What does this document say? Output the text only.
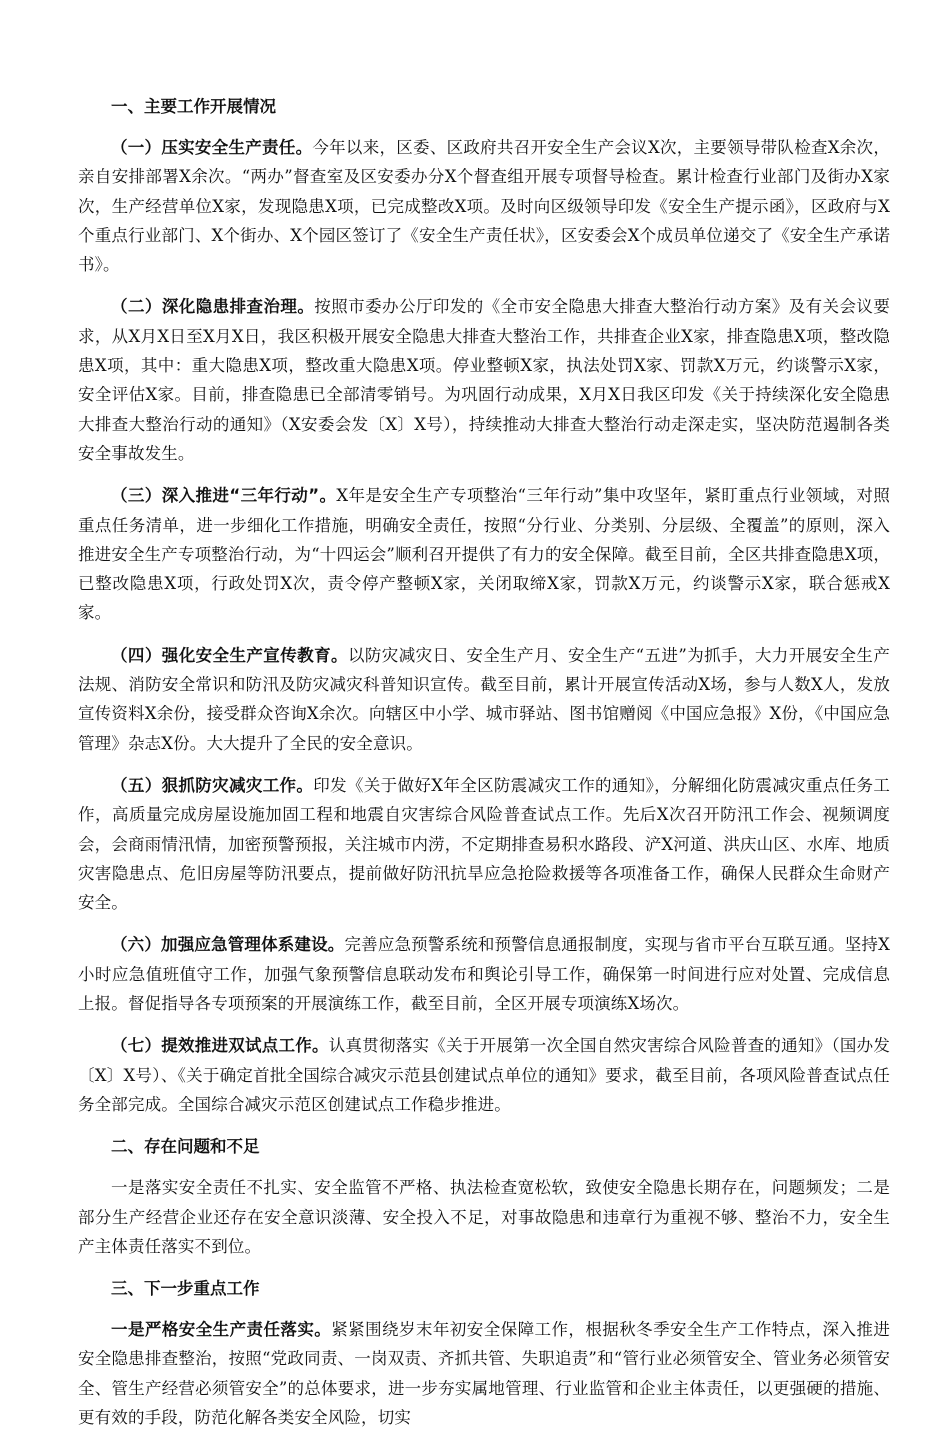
一、主要工作开展情况

（一）压实安全生产责任。今年以来，区委、区政府共召开安全生产会议X次，主要领导带队检查X余次，亲自安排部署X余次。“两办”督查室及区安委办分X个督查组开展专项督导检查。累计检查行业部门及街办X家次，生产经营单位X家，发现隐患X项，已完成整改X项。及时向区级领导印发《安全生产提示函》，区政府与X个重点行业部门、X个街办、X个园区签订了《安全生产责任状》，区安委会X个成员单位递交了《安全生产承诺书》。

（二）深化隐患排查治理。按照市委办公厅印发的《全市安全隐患大排查大整治行动方案》及有关会议要求，从X月X日至X月X日，我区积极开展安全隐患大排查大整治工作，共排查企业X家，排查隐患X项，整改隐患X项，其中：重大隐患X项，整改重大隐患X项。停业整顿X家，执法处罚X家、罚款X万元，约谈警示X家，安全评估X家。目前，排查隐患已全部清零销号。为巩固行动成果，X月X日我区印发《关于持续深化安全隐患大排查大整治行动的通知》（X安委会发〔X〕X号），持续推动大排查大整治行动走深走实，坚决防范遏制各类安全事故发生。

（三）深入推进“三年行动”。X年是安全生产专项整治“三年行动”集中攻坚年，紧盯重点行业领域，对照重点任务清单，进一步细化工作措施，明确安全责任，按照“分行业、分类别、分层级、全覆盖”的原则，深入推进安全生产专项整治行动，为“十四运会”顺利召开提供了有力的安全保障。截至目前，全区共排查隐患X项，已整改隐患X项，行政处罚X次，责令停产整顿X家，关闭取缔X家，罚款X万元，约谈警示X家，联合惩戒X家。

（四）强化安全生产宣传教育。以防灾减灾日、安全生产月、安全生产“五进”为抓手，大力开展安全生产法规、消防安全常识和防汛及防灾减灾科普知识宣传。截至目前，累计开展宣传活动X场，参与人数X人，发放宣传资料X余份，接受群众咨询X余次。向辖区中小学、城市驿站、图书馆赠阅《中国应急报》X份，《中国应急管理》杂志X份。大大提升了全民的安全意识。

（五）狠抓防灾减灾工作。印发《关于做好X年全区防震减灾工作的通知》，分解细化防震减灾重点任务工作，高质量完成房屋设施加固工程和地震自灾害综合风险普查试点工作。先后X次召开防汛工作会、视频调度会，会商雨情汛情，加密预警预报，关注城市内涝，不定期排查易积水路段、浐X河道、洪庆山区、水库、地质灾害隐患点、危旧房屋等防汛要点，提前做好防汛抗旱应急抢险救援等各项准备工作，确保人民群众生命财产安全。

（六）加强应急管理体系建设。完善应急预警系统和预警信息通报制度，实现与省市平台互联互通。坚持X小时应急值班值守工作，加强气象预警信息联动发布和舆论引导工作，确保第一时间进行应对处置、完成信息上报。督促指导各专项预案的开展演练工作，截至目前，全区开展专项演练X场次。

（七）提效推进双试点工作。认真贯彻落实《关于开展第一次全国自然灾害综合风险普查的通知》（国办发〔X〕X号）、《关于确定首批全国综合减灾示范县创建试点单位的通知》要求，截至目前，各项风险普查试点任务全部完成。全国综合减灾示范区创建试点工作稳步推进。

二、存在问题和不足

一是落实安全责任不扎实、安全监管不严格、执法检查宽松软，致使安全隐患长期存在，问题频发；二是部分生产经营企业还存在安全意识淡薄、安全投入不足，对事故隐患和违章行为重视不够、整治不力，安全生产主体责任落实不到位。

三、下一步重点工作

一是严格安全生产责任落实。紧紧围绕岁末年初安全保障工作，根据秋冬季安全生产工作特点，深入推进安全隐患排查整治，按照“党政同责、一岗双责、齐抓共管、失职追责”和“管行业必须管安全、管业务必须管安全、管生产经营必须管安全”的总体要求，进一步夯实属地管理、行业监管和企业主体责任，以更强硬的措施、更有效的手段，防范化解各类安全风险，切实
